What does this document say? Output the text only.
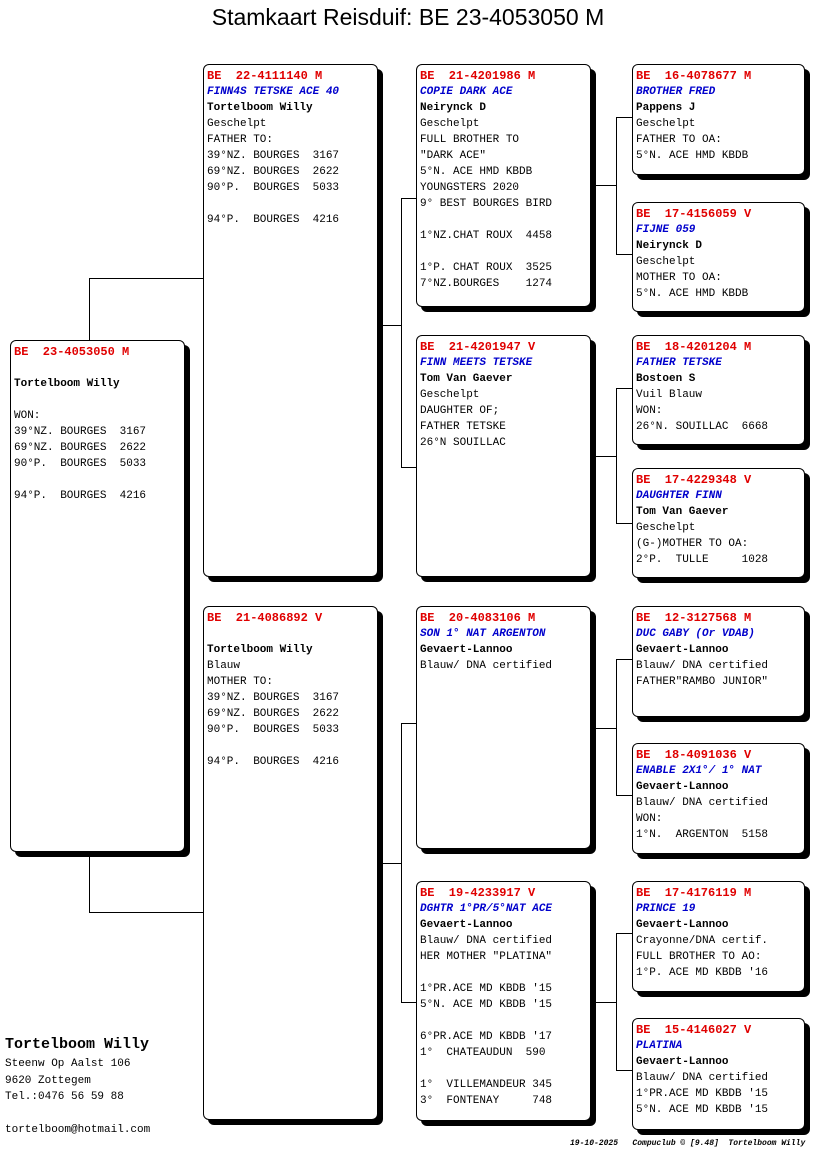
Stamkaart Reisduif: BE 23-4053050 M
BE  23-4053050 M
Tortelboom Willy
WON:
39°NZ. BOURGES  3167
69°NZ. BOURGES  2622
90°P.  BOURGES  5033
94°P.  BOURGES  4216
BE  22-4111140 M
FINN4S TETSKE ACE 40
Tortelboom Willy
Geschelpt
FATHER TO:
39°NZ. BOURGES  3167
69°NZ. BOURGES  2622
90°P.  BOURGES  5033
94°P.  BOURGES  4216
BE  21-4086892 V
Tortelboom Willy
Blauw
MOTHER TO:
39°NZ. BOURGES  3167
69°NZ. BOURGES  2622
90°P.  BOURGES  5033
94°P.  BOURGES  4216
BE  21-4201986 M
COPIE DARK ACE
Neirynck D
Geschelpt
FULL BROTHER TO
"DARK ACE"
5°N. ACE HMD KBDB
YOUNGSTERS 2020
9° BEST BOURGES BIRD
1°NZ.CHAT ROUX  4458
1°P. CHAT ROUX  3525
7°NZ.BOURGES    1274
BE  21-4201947 V
FINN MEETS TETSKE
Tom Van Gaever
Geschelpt
DAUGHTER OF;
FATHER TETSKE
26°N SOUILLAC
BE  20-4083106 M
SON 1° NAT ARGENTON
Gevaert-Lannoo
Blauw/ DNA certified
BE  19-4233917 V
DGHTR 1°PR/5°NAT ACE
Gevaert-Lannoo
Blauw/ DNA certified
HER MOTHER "PLATINA"
1°PR.ACE MD KBDB '15
5°N. ACE MD KBDB '15
6°PR.ACE MD KBDB '17
1°  CHATEAUDUN  590
1°  VILLEMANDEUR 345
3°  FONTENAY     748
BE  16-4078677 M
BROTHER FRED
Pappens J
Geschelpt
FATHER TO OA:
5°N. ACE HMD KBDB
BE  17-4156059 V
FIJNE 059
Neirynck D
Geschelpt
MOTHER TO OA:
5°N. ACE HMD KBDB
BE  18-4201204 M
FATHER TETSKE
Bostoen S
Vuil Blauw
WON:
26°N. SOUILLAC  6668
BE  17-4229348 V
DAUGHTER FINN
Tom Van Gaever
Geschelpt
(G-)MOTHER TO OA:
2°P.  TULLE     1028
BE  12-3127568 M
DUC GABY (Or VDAB)
Gevaert-Lannoo
Blauw/ DNA certified
FATHER"RAMBO JUNIOR"
BE  18-4091036 V
ENABLE 2X1°/ 1° NAT
Gevaert-Lannoo
Blauw/ DNA certified
WON:
1°N.  ARGENTON  5158
BE  17-4176119 M
PRINCE 19
Gevaert-Lannoo
Crayonne/DNA certif.
FULL BROTHER TO AO:
1°P. ACE MD KBDB '16
BE  15-4146027 V
PLATINA
Gevaert-Lannoo
Blauw/ DNA certified
1°PR.ACE MD KBDB '15
5°N. ACE MD KBDB '15
Tortelboom Willy
Steenw Op Aalst 106
9620 Zottegem
Tel.:0476 56 59 88
tortelboom@hotmail.com
19-10-2025   Compuclub © [9.48]  Tortelboom Willy
